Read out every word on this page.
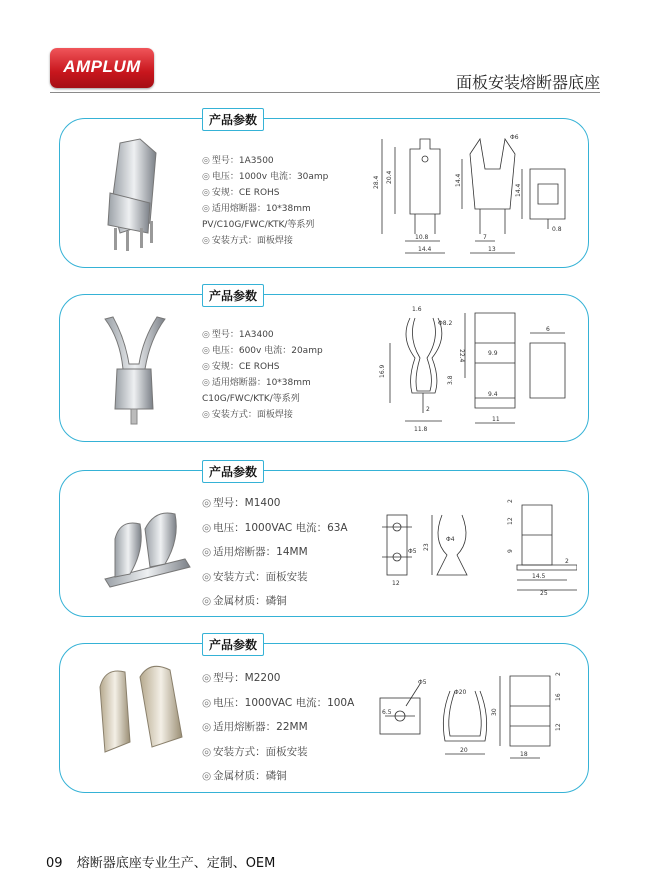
AMPLUM
面板安装熔断器底座
产品参数
◎ 型号：1A3500
◎ 电压：1000v 电流：30amp
◎ 安规：CE ROHS
◎ 适用熔断器：10*38mm
PV/C10G/FWC/KTK/等系列
◎ 安装方式：面板焊接
28.4 20.4
10.8
14.4
14.4
7
13
14.4
0.8
Φ6
产品参数
◎ 型号：1A3400
◎ 电压：600v 电流：20amp
◎ 安规：CE ROHS
◎ 适用熔断器：10*38mm
C10G/FWC/KTK/等系列
◎ 安装方式：面板焊接
1.6
Φ8.2
22.4
16.9
3.8
2
11.8
9.9
9.4
11
6
产品参数
◎ 型号：M1400
◎ 电压：1000VAC 电流：63A
◎ 适用熔断器：14MM
◎ 安装方式：面板安装
◎ 金属材质：磷铜
Φ5
12
Φ4
23
2
12
9
14.5
25
2
产品参数
◎ 型号：M2200
◎ 电压：1000VAC 电流：100A
◎ 适用熔断器：22MM
◎ 安装方式：面板安装
◎ 金属材质：磷铜
Φ5
6.5
Φ20
20
30
2
16
12
18
09 熔断器底座专业生产、定制、OEM
